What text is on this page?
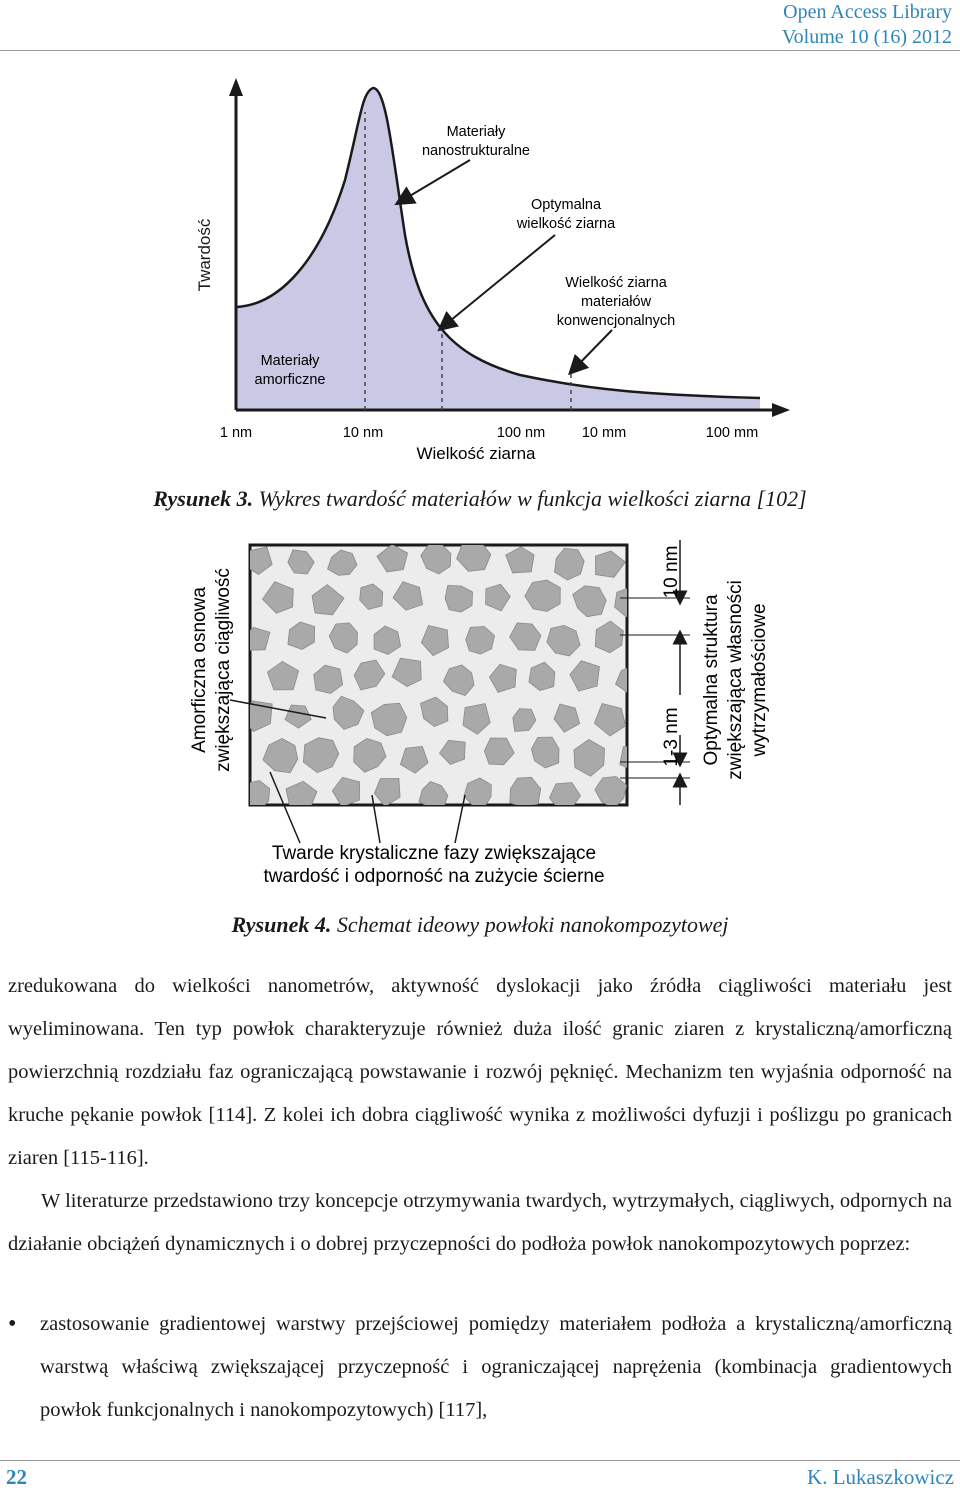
Open Access Library
Volume 10 (16) 2012
Twardość
Materiały
nanostrukturalne
Optymalna
wielkość ziarna
Wielkość ziarna
materiałów
konwencjonalnych
Materiały
amorficzne
1 nm	10 nm	100 nm	10 mm	100 mm
Wielkość ziarna
Rysunek 3. Wykres twardość materiałów w funkcja wielkości ziarna [102]
Amorficzna osnowa zwiększająca ciągliwość	10 nm
1-3 nm Optymalna struktura zwiększająca własności wytrzymałościowe
Twarde krystaliczne fazy zwiększające
twardość i odporność na zużycie ścierne
Rysunek 4. Schemat ideowy powłoki nanokompozytowej

zredukowana do wielkości nanometrów, aktywność dyslokacji jako źródła ciągliwości materiału jest wyeliminowana. Ten typ powłok charakteryzuje również duża ilość granic ziaren z krystaliczną/amorficzną powierzchnią rozdziału faz ograniczającą powstawanie i rozwój pęknięć. Mechanizm ten wyjaśnia odporność na kruche pękanie powłok [114]. Z kolei ich dobra ciągliwość wynika z możliwości dyfuzji i poślizgu po granicach ziaren [115-116].

W literaturze przedstawiono trzy koncepcje otrzymywania twardych, wytrzymałych, ciągliwych, odpornych na działanie obciążeń dynamicznych i o dobrej przyczepności do podłoża powłok nanokompozytowych poprzez:

• zastosowanie gradientowej warstwy przejściowej pomiędzy materiałem podłoża a krystaliczną/amorficzną warstwą właściwą zwiększającej przyczepność i ograniczającej naprężenia (kombinacja gradientowych powłok funkcjonalnych i nanokompozytowych) [117],
22	K. Lukaszkowicz
